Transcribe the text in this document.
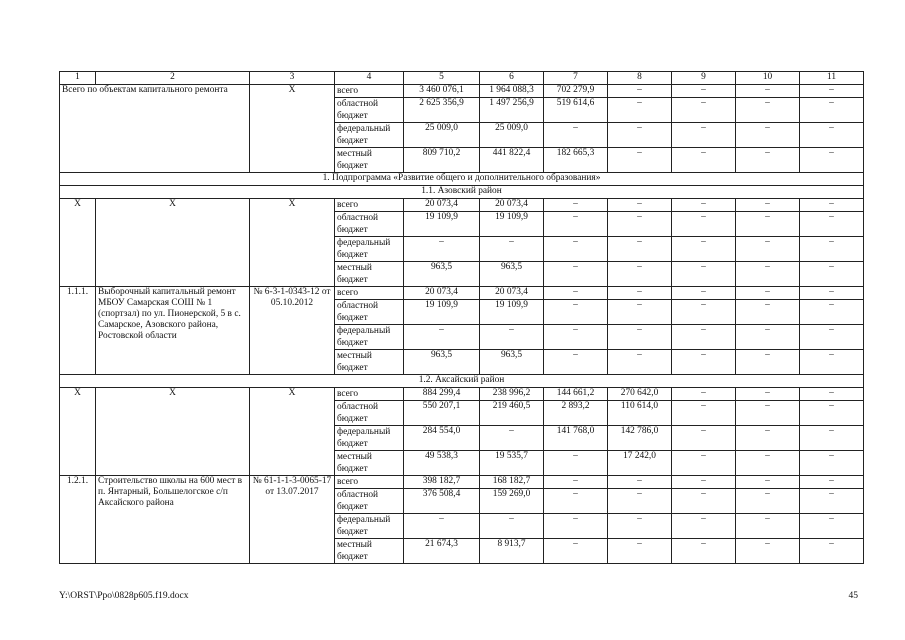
1	2	3	4	5	6	7	8	9	10	11
Всего по объектам капитального ремонта		Х	всего	3 460 076,1	1 964 088,3	702 279,9	–	–	–	–
			областной бюджет	2 625 356,9	1 497 256,9	519 614,6	–	–	–	–
			федеральный бюджет	25 009,0	25 009,0	–	–	–	–	–
			местный бюджет	809 710,2	441 822,4	182 665,3	–	–	–	–
1. Подпрограмма «Развитие общего и дополнительного образования»										
1.1. Азовский район										
Х	Х	Х	всего	20 073,4	20 073,4	–	–	–	–	–
			областной бюджет	19 109,9	19 109,9	–	–	–	–	–
			федеральный бюджет	–	–	–	–	–	–	–
			местный бюджет	963,5	963,5	–	–	–	–	–
1.1.1.	Выборочный капитальный ремонт МБОУ Самарская СОШ № 1 (спортзал) по ул. Пионерской, 5 в с. Самарское, Азовского района, Ростовской области	№ 6-3-1-0343-12 от 05.10.2012	всего	20 073,4	20 073,4	–	–	–	–	–
			областной бюджет	19 109,9	19 109,9	–	–	–	–	–
			федеральный бюджет	–	–	–	–	–	–	–
			местный бюджет	963,5	963,5	–	–	–	–	–
1.2. Аксайский район										
Х	Х	Х	всего	884 299,4	238 996,2	144 661,2	270 642,0	–	–	–
			областной бюджет	550 207,1	219 460,5	2 893,2	110 614,0	–	–	–
			федеральный бюджет	284 554,0	–	141 768,0	142 786,0	–	–	–
			местный бюджет	49 538,3	19 535,7	–	17 242,0	–	–	–
1.2.1.	Строительство школы на 600 мест в п. Янтарный, Большелогское с/п Аксайского района	№ 61-1-1-3-0065-17 от 13.07.2017	всего	398 182,7	168 182,7	–	–	–	–	–
			областной бюджет	376 508,4	159 269,0	–	–	–	–	–
			федеральный бюджет	–	–	–	–	–	–	–
			местный бюджет	21 674,3	8 913,7	–	–	–	–	–
Y:\ORST\Ppo\0828p605.f19.docx	45
